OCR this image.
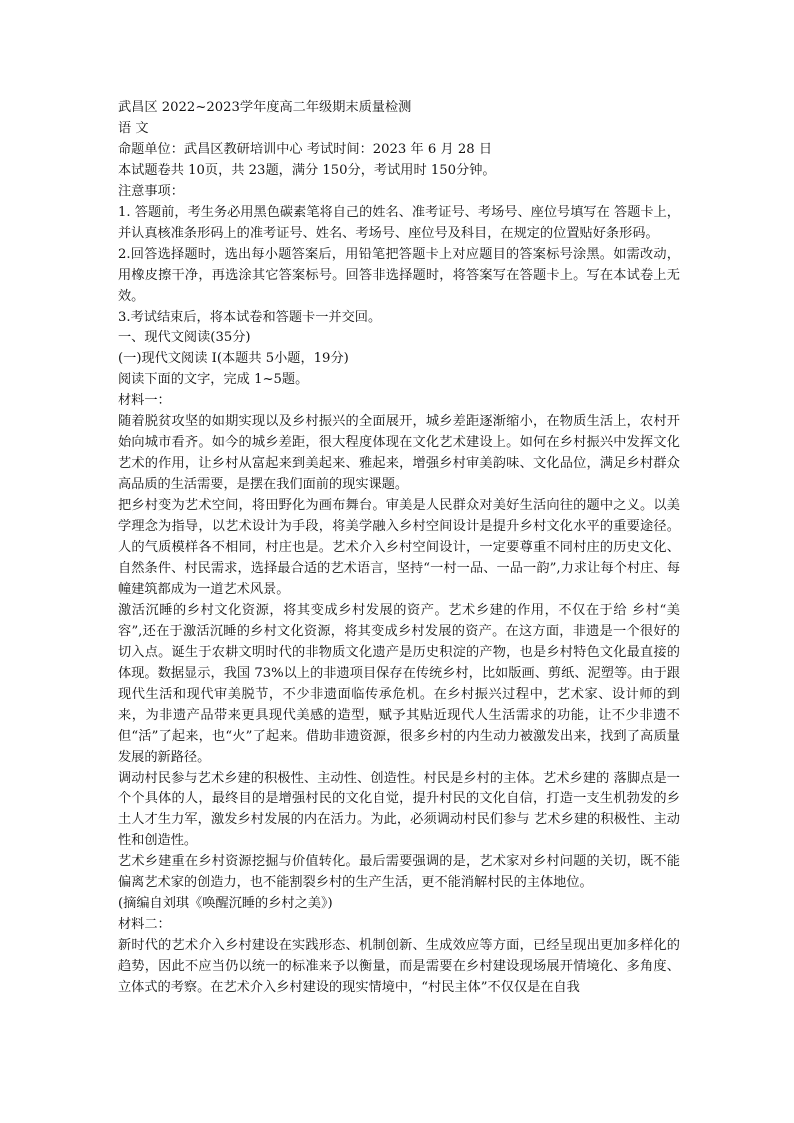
武昌区 2022~2023学年度高二年级期末质量检测

语 文

命题单位：武昌区教研培训中心 考试时间：2023 年 6 月 28 日

本试题卷共 10页，共 23题，满分 150分，考试用时 150分钟。

注意事项：

1. 答题前，考生务必用黑色碳素笔将自己的姓名、准考证号、考场号、座位号填写在 答题卡上，并认真核准条形码上的准考证号、姓名、考场号、座位号及科目，在规定的位置贴好条形码。

2.回答选择题时，选出每小题答案后，用铅笔把答题卡上对应题目的答案标号涂黑。如需改动，用橡皮擦干净，再选涂其它答案标号。回答非选择题时，将答案写在答题卡上。写在本试卷上无效。

3.考试结束后，将本试卷和答题卡一并交回。

一、现代文阅读(35分)

(一)现代文阅读 I(本题共 5小题，19分)

阅读下面的文字，完成 1~5题。

材料一：

随着脱贫攻坚的如期实现以及乡村振兴的全面展开，城乡差距逐渐缩小，在物质生活上，农村开始向城市看齐。如今的城乡差距，很大程度体现在文化艺术建设上。如何在乡村振兴中发挥文化艺术的作用，让乡村从富起来到美起来、雅起来，增强乡村审美韵味、文化品位，满足乡村群众高品质的生活需要，是摆在我们面前的现实课题。

把乡村变为艺术空间，将田野化为画布舞台。审美是人民群众对美好生活向往的题中之义。以美学理念为指导，以艺术设计为手段，将美学融入乡村空间设计是提升乡村文化水平的重要途径。人的气质模样各不相同，村庄也是。艺术介入乡村空间设计，一定要尊重不同村庄的历史文化、自然条件、村民需求，选择最合适的艺术语言，坚持“一村一品、一品一韵”,力求让每个村庄、每幢建筑都成为一道艺术风景。

激活沉睡的乡村文化资源，将其变成乡村发展的资产。艺术乡建的作用，不仅在于给 乡村“美容”,还在于激活沉睡的乡村文化资源，将其变成乡村发展的资产。在这方面，非遗是一个很好的切入点。诞生于农耕文明时代的非物质文化遗产是历史积淀的产物，也是乡村特色文化最直接的体现。数据显示，我国 73%以上的非遗项目保存在传统乡村，比如版画、剪纸、泥塑等。由于跟现代生活和现代审美脱节，不少非遗面临传承危机。在乡村振兴过程中，艺术家、设计师的到来，为非遗产品带来更具现代美感的造型，赋予其贴近现代人生活需求的功能，让不少非遗不但“活”了起来，也“火”了起来。借助非遗资源，很多乡村的内生动力被激发出来，找到了高质量发展的新路径。

调动村民参与艺术乡建的积极性、主动性、创造性。村民是乡村的主体。艺术乡建的 落脚点是一个个具体的人，最终目的是增强村民的文化自觉，提升村民的文化自信，打造一支生机勃发的乡土人才生力军，激发乡村发展的内在活力。为此，必须调动村民们参与 艺术乡建的积极性、主动性和创造性。

艺术乡建重在乡村资源挖掘与价值转化。最后需要强调的是，艺术家对乡村问题的关切，既不能偏离艺术家的创造力，也不能割裂乡村的生产生活，更不能消解村民的主体地位。

(摘编自刘琪《唤醒沉睡的乡村之美》)

材料二：

新时代的艺术介入乡村建设在实践形态、机制创新、生成效应等方面，已经呈现出更加多样化的趋势，因此不应当仍以统一的标准来予以衡量，而是需要在乡村建设现场展开情境化、多角度、立体式的考察。在艺术介入乡村建设的现实情境中，“村民主体”不仅仅是在自我
